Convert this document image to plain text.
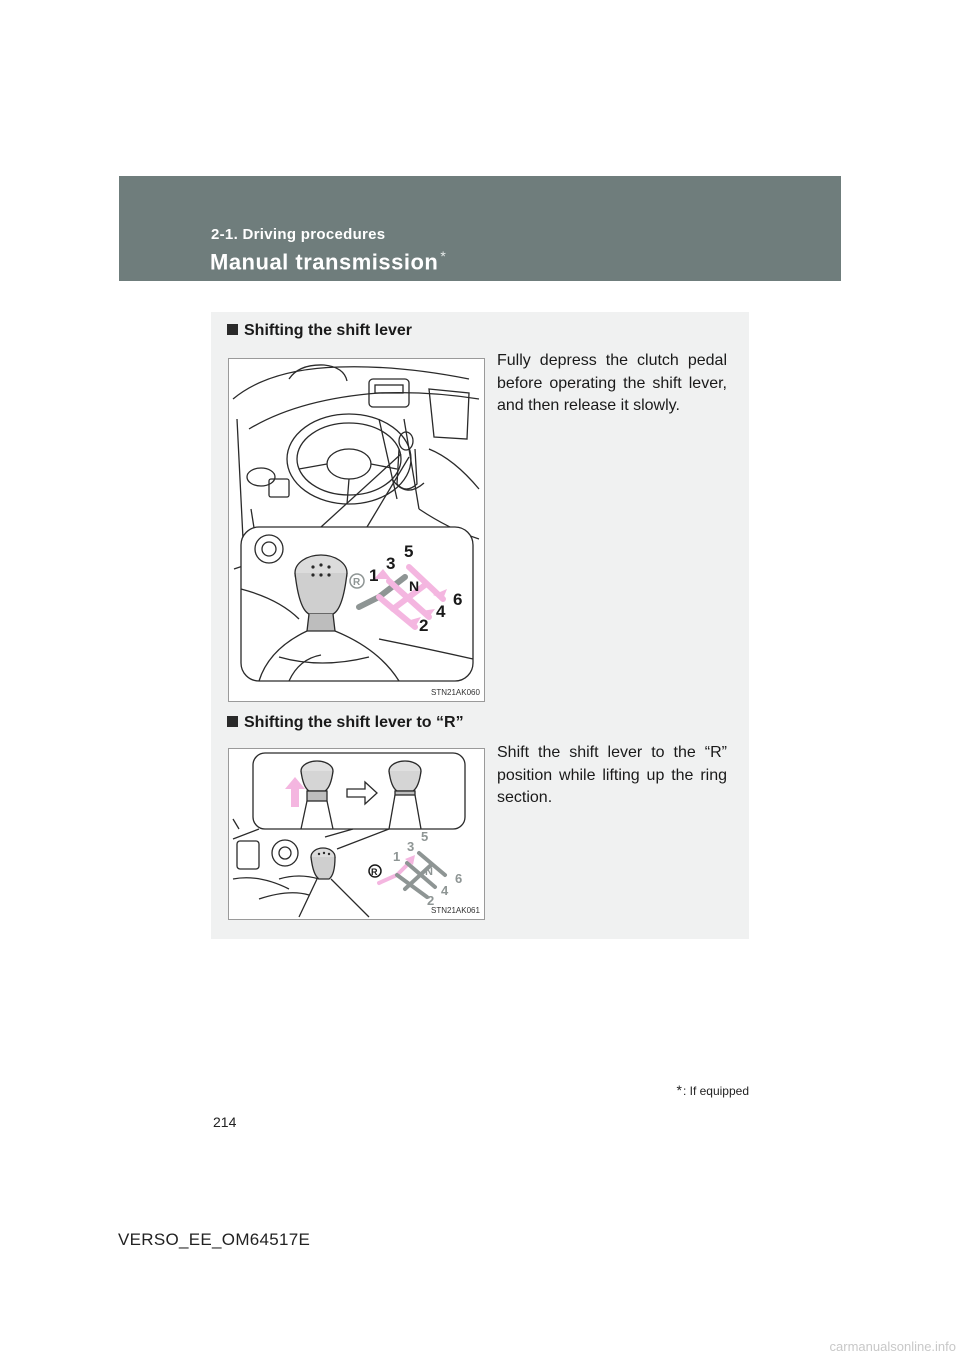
2-1. Driving procedures
Manual transmission *
Shifting the shift lever
R 1
3
5
N
2
4
6
STN21AK060
Fully depress the clutch pedal before operating the shift lever, and then release it slowly.
Shifting the shift lever to “R”
R
1
3
5
N
2
4
6
STN21AK061
Shift the shift lever to the “R” position while lifting up the ring section.
*: If equipped
214
VERSO_EE_OM64517E
carmanualsonline.info
